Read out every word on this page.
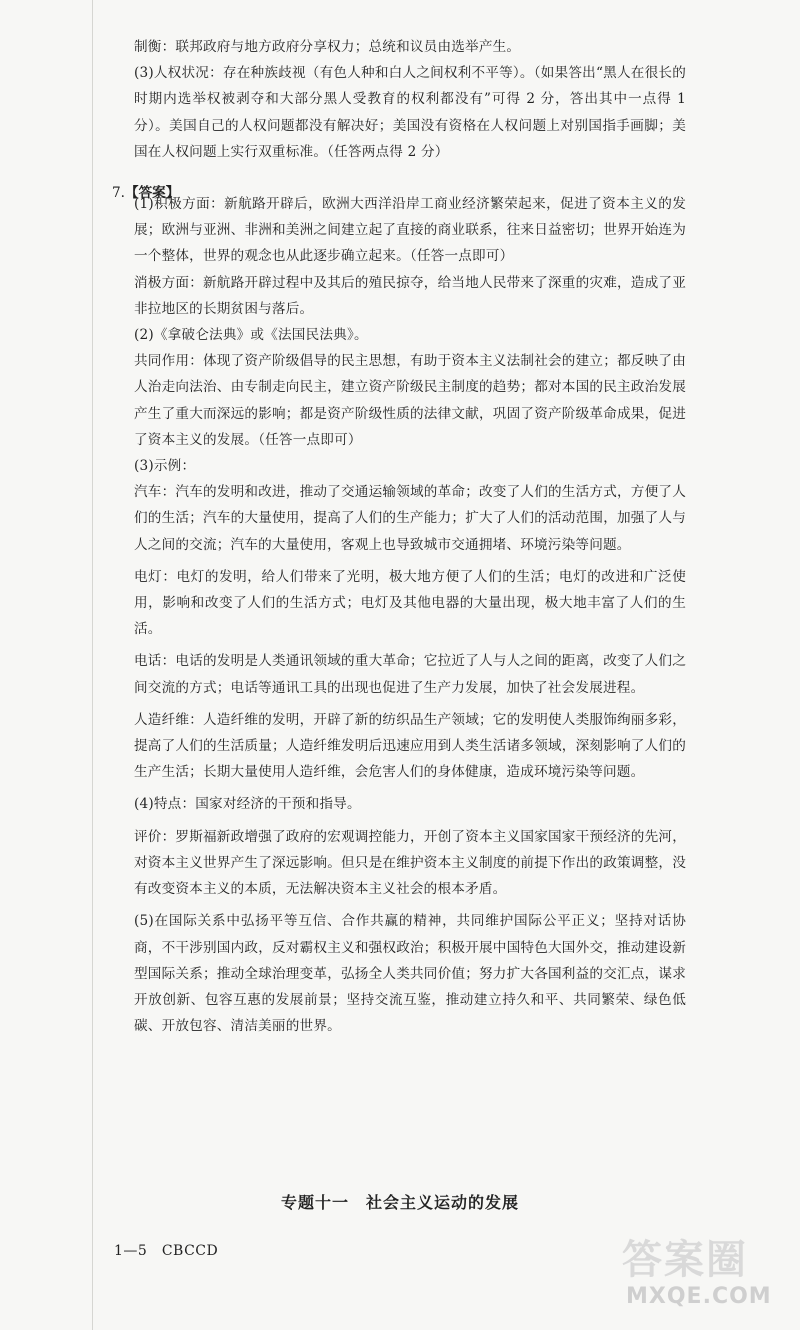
制衡：联邦政府与地方政府分享权力；总统和议员由选举产生。

(3)人权状况：存在种族歧视（有色人种和白人之间权利不平等）。（如果答出“黑人在很长的时期内选举权被剥夺和大部分黑人受教育的权利都没有”可得 2 分，答出其中一点得 1 分）。美国自己的人权问题都没有解决好；美国没有资格在人权问题上对别国指手画脚；美国在人权问题上实行双重标准。（任答两点得 2 分）

(1)积极方面：新航路开辟后，欧洲大西洋沿岸工商业经济繁荣起来，促进了资本主义的发展；欧洲与亚洲、非洲和美洲之间建立起了直接的商业联系，往来日益密切；世界开始连为一个整体，世界的观念也从此逐步确立起来。（任答一点即可）

消极方面：新航路开辟过程中及其后的殖民掠夺，给当地人民带来了深重的灾难，造成了亚非拉地区的长期贫困与落后。

(2)《拿破仑法典》或《法国民法典》。

共同作用：体现了资产阶级倡导的民主思想，有助于资本主义法制社会的建立；都反映了由人治走向法治、由专制走向民主，建立资产阶级民主制度的趋势；都对本国的民主政治发展产生了重大而深远的影响；都是资产阶级性质的法律文献，巩固了资产阶级革命成果，促进了资本主义的发展。（任答一点即可）

(3)示例：

汽车：汽车的发明和改进，推动了交通运输领域的革命；改变了人们的生活方式，方便了人们的生活；汽车的大量使用，提高了人们的生产能力；扩大了人们的活动范围，加强了人与人之间的交流；汽车的大量使用，客观上也导致城市交通拥堵、环境污染等问题。

电灯：电灯的发明，给人们带来了光明，极大地方便了人们的生活；电灯的改进和广泛使用，影响和改变了人们的生活方式；电灯及其他电器的大量出现，极大地丰富了人们的生活。

电话：电话的发明是人类通讯领域的重大革命；它拉近了人与人之间的距离，改变了人们之间交流的方式；电话等通讯工具的出现也促进了生产力发展，加快了社会发展进程。

人造纤维：人造纤维的发明，开辟了新的纺织品生产领域；它的发明使人类服饰绚丽多彩，提高了人们的生活质量；人造纤维发明后迅速应用到人类生活诸多领域，深刻影响了人们的生产生活；长期大量使用人造纤维，会危害人们的身体健康，造成环境污染等问题。

(4)特点：国家对经济的干预和指导。

评价：罗斯福新政增强了政府的宏观调控能力，开创了资本主义国家国家干预经济的先河，对资本主义世界产生了深远影响。但只是在维护资本主义制度的前提下作出的政策调整，没有改变资本主义的本质，无法解决资本主义社会的根本矛盾。

(5)在国际关系中弘扬平等互信、合作共赢的精神，共同维护国际公平正义；坚持对话协商，不干涉别国内政，反对霸权主义和强权政治；积极开展中国特色大国外交，推动建设新型国际关系；推动全球治理变革，弘扬全人类共同价值；努力扩大各国利益的交汇点，谋求开放创新、包容互惠的发展前景；坚持交流互鉴，推动建立持久和平、共同繁荣、绿色低碳、开放包容、清洁美丽的世界。

7.【答案】
专题十一　社会主义运动的发展
1—5　CBCCD	答案圈
MXQE.COM
